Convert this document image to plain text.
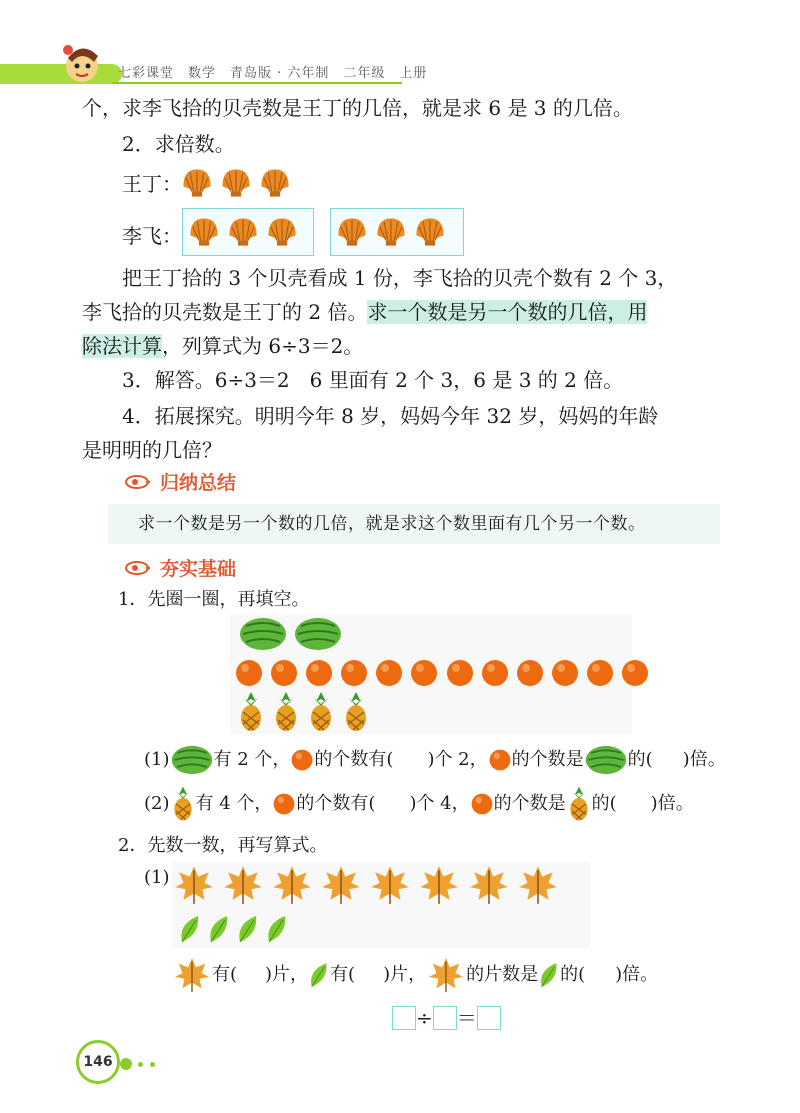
七彩课堂　数学　青岛版 · 六年制　二年级　上册
个，求李飞拾的贝壳数是王丁的几倍，就是求 6 是 3 的几倍。
2．求倍数。
王丁：

李飞：

把王丁拾的 3 个贝壳看成 1 份，李飞拾的贝壳个数有 2 个 3，
李飞拾的贝壳数是王丁的 2 倍。求一个数是另一个数的几倍，用
除法计算，列算式为 6÷3＝2。
3．解答。6÷3＝2　6 里面有 2 个 3，6 是 3 的 2 倍。
4．拓展探究。明明今年 8 岁，妈妈今年 32 岁，妈妈的年龄
是明明的几倍？
归纳总结
求一个数是另一个数的几倍，就是求这个数里面有几个另一个数。
夯实基础
1．先圈一圈，再填空。

(1) 有 2 个， 的个数有( )个 2， 的个数是 的( )倍。
(2) 有 4 个， 的个数有( )个 4， 的个数是 的( )倍。
2．先数一数，再写算式。
(1)

有( )片， 有( )片， 的片数是 的( )倍。
÷ ＝
146
